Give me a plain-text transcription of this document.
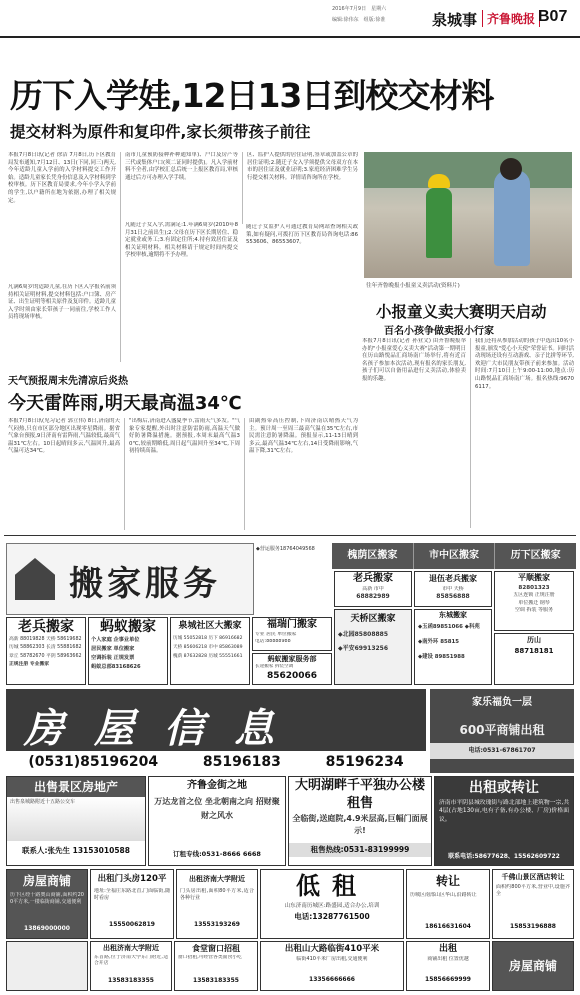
2016年7月9日　星期六
编辑:徐伟东　组版:徐准	泉城事 齐鲁晚报 B07
历下入学娃,12日13日到校交材料
提交材料为原件和复印件,家长须带孩子前往
本报7月8日讯(记者 徐洁 7月8日,历下区教育局发布通知,7月12日、13日(下同,同三)两天,今年适龄儿童入学前的入学材料提交工作开始。适龄儿童家长凭身份信息及入学材料到学校审核。历下区教育局要求,今年小学入学前的学生,以户籍所在地为依据,办理了相关规定。
凡满6周岁的适龄儿童,在历下区入学报名前须持相关证明材料,提交材料包括:户口簿、房产证、出生证明等相关原件及复印件。适龄儿童入学时须由家长带孩子一同前往,学校工作人员将现场审核。
南市儿童预防接种补种通知单)、户口及房产等三代或集体户口(须二证同时提供)。凡入学前材料不全者,由学校汇总后统一上报区教育局,审核通过后方可办理入学手续。
凡随迁子女入学,需满足:1.年满6周岁(2010年8月31日之前出生);2.父母在历下区长期居住、稳定就业或务工;3.有固定住所;4.持有效居住证及相关证明材料。相关材料请于规定时间内提交学校审核,逾期将不予办理。
区、监护人提供的居住证明,签章或加盖公章的居住证明;2.随迁子女入学须提供父母双方在本市的居住证及就业证明;3.家庭经济困难学生另行提交相关材料。详情请咨询所在学校。
随迁子女监护人可通过教育局网站查询相关政策,如有疑问,可拨打历下区教育局咨询电话:86553606、86553607。
往年齐鲁晚报小报童义卖活动(资料片)
小报童义卖大赛明天启动
百名小孩争做卖报小行家
本报7月8日讯(记者 孙业文) 由齐鲁晚报举办的"小报童爱心义卖大赛"活动第一期明日在历山路悦品汇商场南广场举行,将有近百名孩子参加本次活动,现有报名的家长朋友,孩子们可以自备用品进行义卖活动,体验卖报的乐趣。
我们还将从参加活动的孩子中选出10名小报童,颁发"爱心小天使"荣誉证书。同时活动现场还设有互动游戏、亲子比拼等环节,欢迎广大市民朋友带孩子前来参加。活动时间:7月10日上午9:00-11:00,地点:历山路悦品汇商场南广场。报名热线:96706117。
天气预报周末先清凉后炎热
今天雷阵雨,明天最高温34℃
本报7月8日讯(见习记者 郭立伟) 8日,济南的天气闷热,只在市区部分地区出现零星降雨。据省气象台预报,9日济南有雷阵雨,气温较低,最高气温31℃左右。10日起晴间多云,气温回升,最高气温可达34℃。
"出梅后,济南进入盛夏季节,雷雨天气多发。"气象专家提醒,外出时注意防雷防雨,高温天气做好防暑降温措施。据预报,本周末最高气温30℃,较前期略低,周日起气温回升至34℃,下周初持续高温。
由副热带高压控制,下周济南以晴热天气为主。预计周一至周三最高气温在35℃左右,市民需注意防暑降温。预报显示,11-13日晴到多云,最高气温34℃左右,14日受降雨影响,气温下降,31℃左右。
搬家服务
◆营运服务18764049568
槐荫区搬家	市中区搬家	历下区搬家
老兵搬家
高新 88019828 天桥 58619682
历城 58862303 长清 55881682
章丘 58782670 平阴 58963662
正规注册 专业搬家
蚂蚁搬家
个人家庭 企事业单位
居民搬家 单位搬家
空调拆装 正规发票
蚂蚁总部83168626
泉城社区大搬家
历城 55052818 历下 86916682
天桥 85606218 市中 85863089
槐荫 87632828 历城 55551661
福瑞门搬家
专业 居民 单位搬家
电话:88888988
蚂蚁搬家服务部
长途搬家 拆装空调
85620066
老兵搬家
高新 市中
68882989
退伍老兵搬家
市中 天桥
85856888
平顺搬家
82801323
五区连锁 正规注册
单位搬迁 钢琴
空调 拆装 等服务
天桥区搬家
◆北园85808885
◆平安69913256
东城搬家
◆玉函89851066 ◆科苑
◆南外环 85815
◆建设 89851988
历山
88718181
房屋信息
(0531)85196204	85196183	85196234
家乐福负一层
600平商铺出租
电话:0531-67861707
出售景区房地产
出售泉城路附近十五路公交车
联系人:张先生 13153010588
齐鲁金街之地
万达龙首之位 坐北朝南之向 招财聚财之风水
订租专线:0531-8666 6668
大明湖畔千平独办公楼租售
全临街,送庭院,4.9米层高,巨幅门面展示!
租售热线:0531-83199999
出租或转让
济南市平阴县城玫瑰街与路北部地上建筑物一宗,共4层(占地130亩,电有子备,有办公楼、厂房)价格面议。
联系电话:58677628、15562609722
房屋商铺
历下区经十路奥山商铺,面积约200平方米,一楼临街商铺,交通便利
13869000000
出租门头房120平
地址:全福庄东路北首,门面临街,随时看房
15550062819
出租济南大学附近
门头房出租,面积80平方米,适合各种行业
13553193269
低租
山东济南历城区:路盛园,适合办公,培训
电话:13287761500
转让
历城区南部山区华山,沿路转让
18616631604
千佛山景区酒店转让
面积约800平方米,营业中,设施齐全
15853196888
出租济南大学附近
东首路,位于济南大学东门附近,适合开店
13583183355
食堂窗口招租
窗口招租,可经营各类面食小吃
13583183355
出租山大路临街410平米
临街410平米厂房出租,交通便利
13356666666
出租
商铺出租 位置优越
15856669999
房屋商铺
